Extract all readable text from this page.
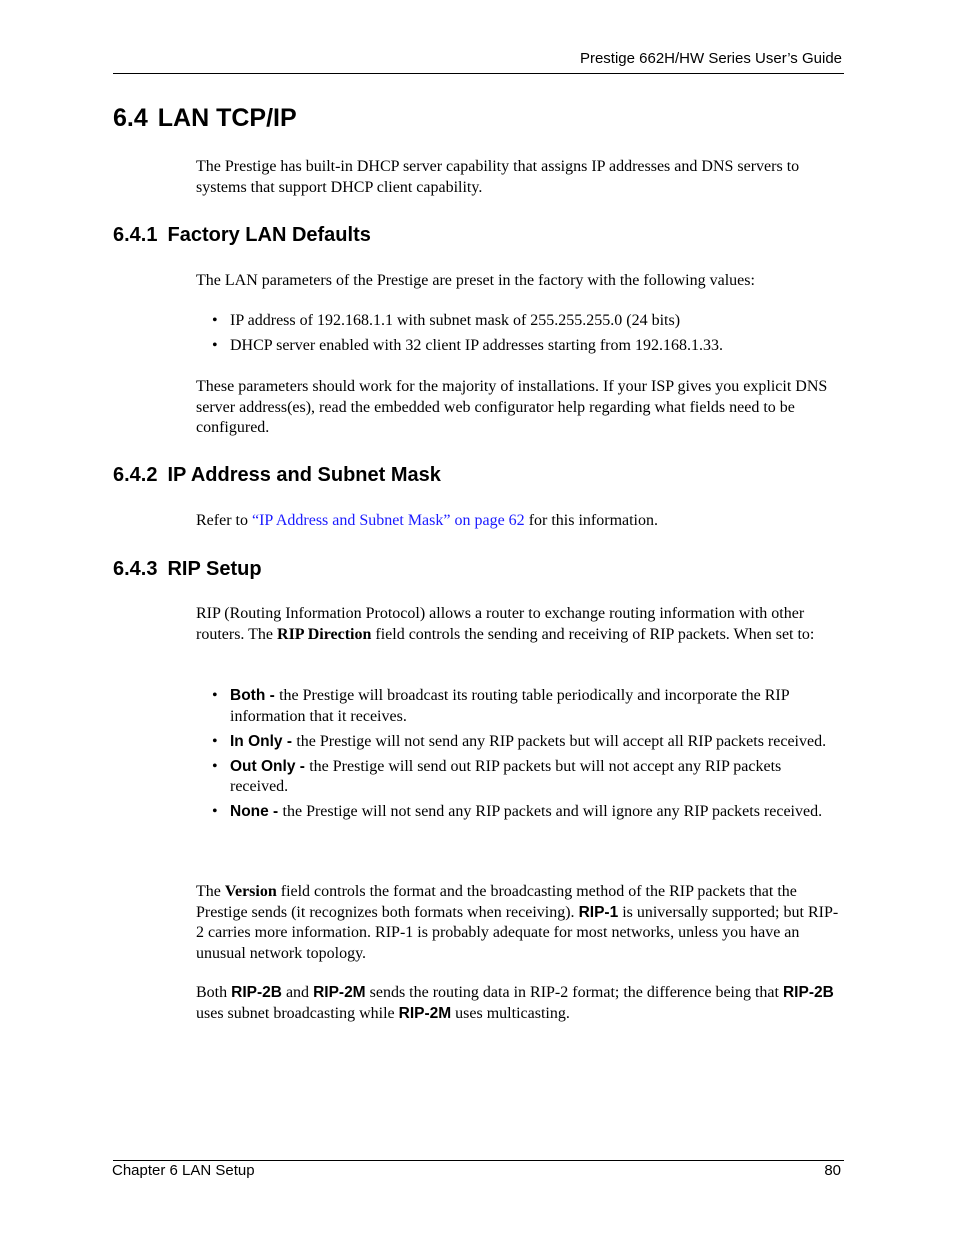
Prestige 662H/HW Series User’s Guide
6.4 LAN TCP/IP

The Prestige has built-in DHCP server capability that assigns IP addresses and DNS servers to systems that support DHCP client capability.

6.4.1 Factory LAN Defaults

The LAN parameters of the Prestige are preset in the factory with the following values:

• IP address of 192.168.1.1 with subnet mask of 255.255.255.0 (24 bits)
• DHCP server enabled with 32 client IP addresses starting from 192.168.1.33.

These parameters should work for the majority of installations. If your ISP gives you explicit DNS server address(es), read the embedded web configurator help regarding what fields need to be configured.

6.4.2 IP Address and Subnet Mask

Refer to “IP Address and Subnet Mask” on page 62 for this information.

6.4.3 RIP Setup

RIP (Routing Information Protocol) allows a router to exchange routing information with other routers. The RIP Direction field controls the sending and receiving of RIP packets. When set to:

• Both - the Prestige will broadcast its routing table periodically and incorporate the RIP information that it receives.
• In Only - the Prestige will not send any RIP packets but will accept all RIP packets received.
• Out Only - the Prestige will send out RIP packets but will not accept any RIP packets received.
• None - the Prestige will not send any RIP packets and will ignore any RIP packets received.

The Version field controls the format and the broadcasting method of the RIP packets that the Prestige sends (it recognizes both formats when receiving). RIP-1 is universally supported; but RIP-2 carries more information. RIP-1 is probably adequate for most networks, unless you have an unusual network topology.

Both RIP-2B and RIP-2M sends the routing data in RIP-2 format; the difference being that RIP-2B uses subnet broadcasting while RIP-2M uses multicasting.

Chapter 6 LAN Setup	80
